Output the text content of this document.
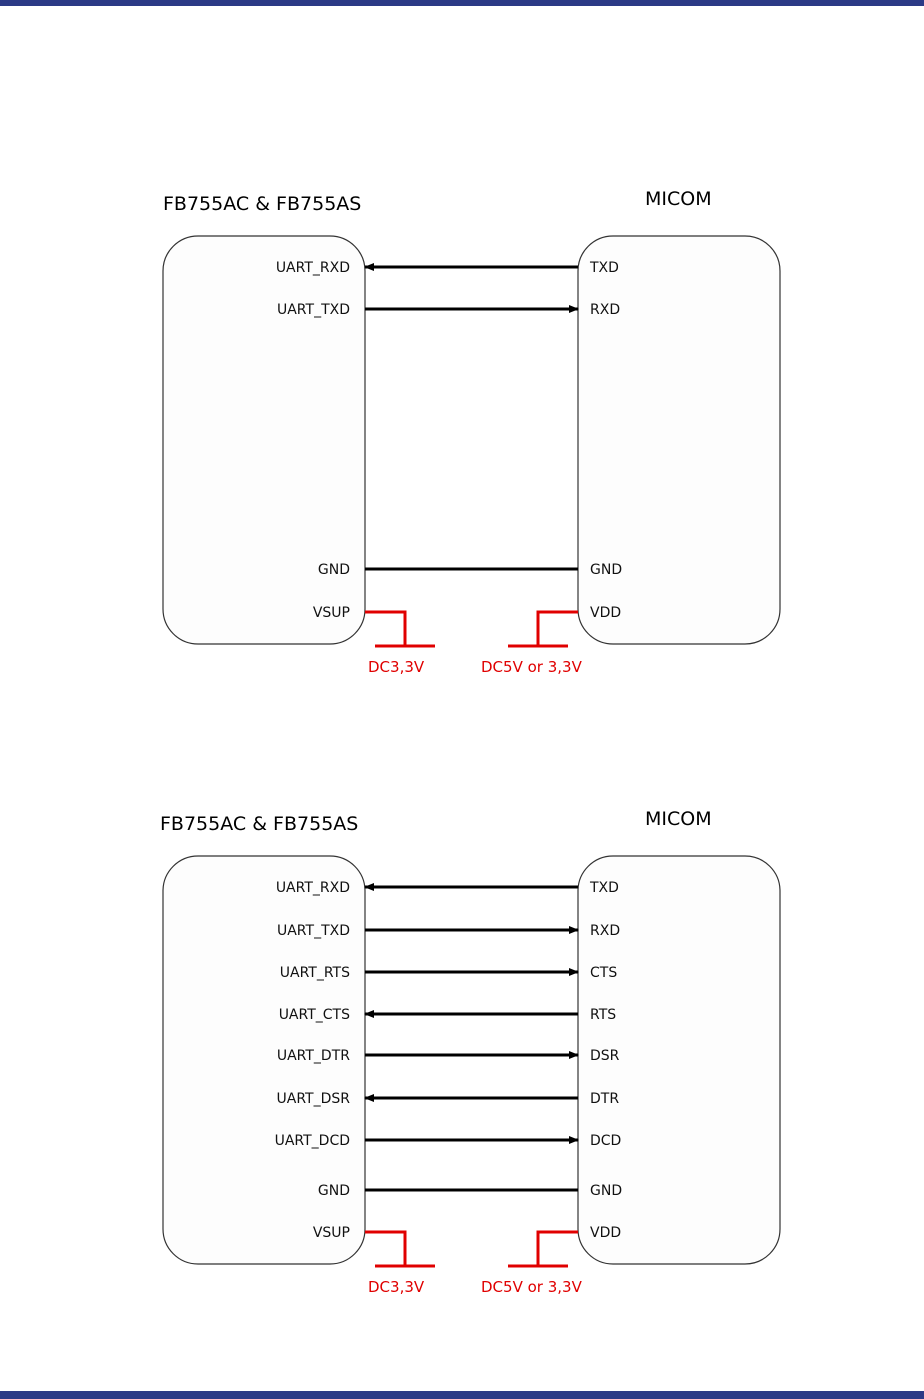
FB755AC & FB755AS	MICOM
UART_RXD	TXD
UART_TXD	RXD
GND	GND
VSUP	VDD
DC3,3V	DC5V or 3,3V
FB755AC & FB755AS	MICOM
UART_RXD	TXD
UART_TXD	RXD
UART_RTS	CTS
UART_CTS	RTS
UART_DTR	DSR
UART_DSR	DTR
UART_DCD	DCD
GND	GND
VSUP	VDD
DC3,3V	DC5V or 3,3V
